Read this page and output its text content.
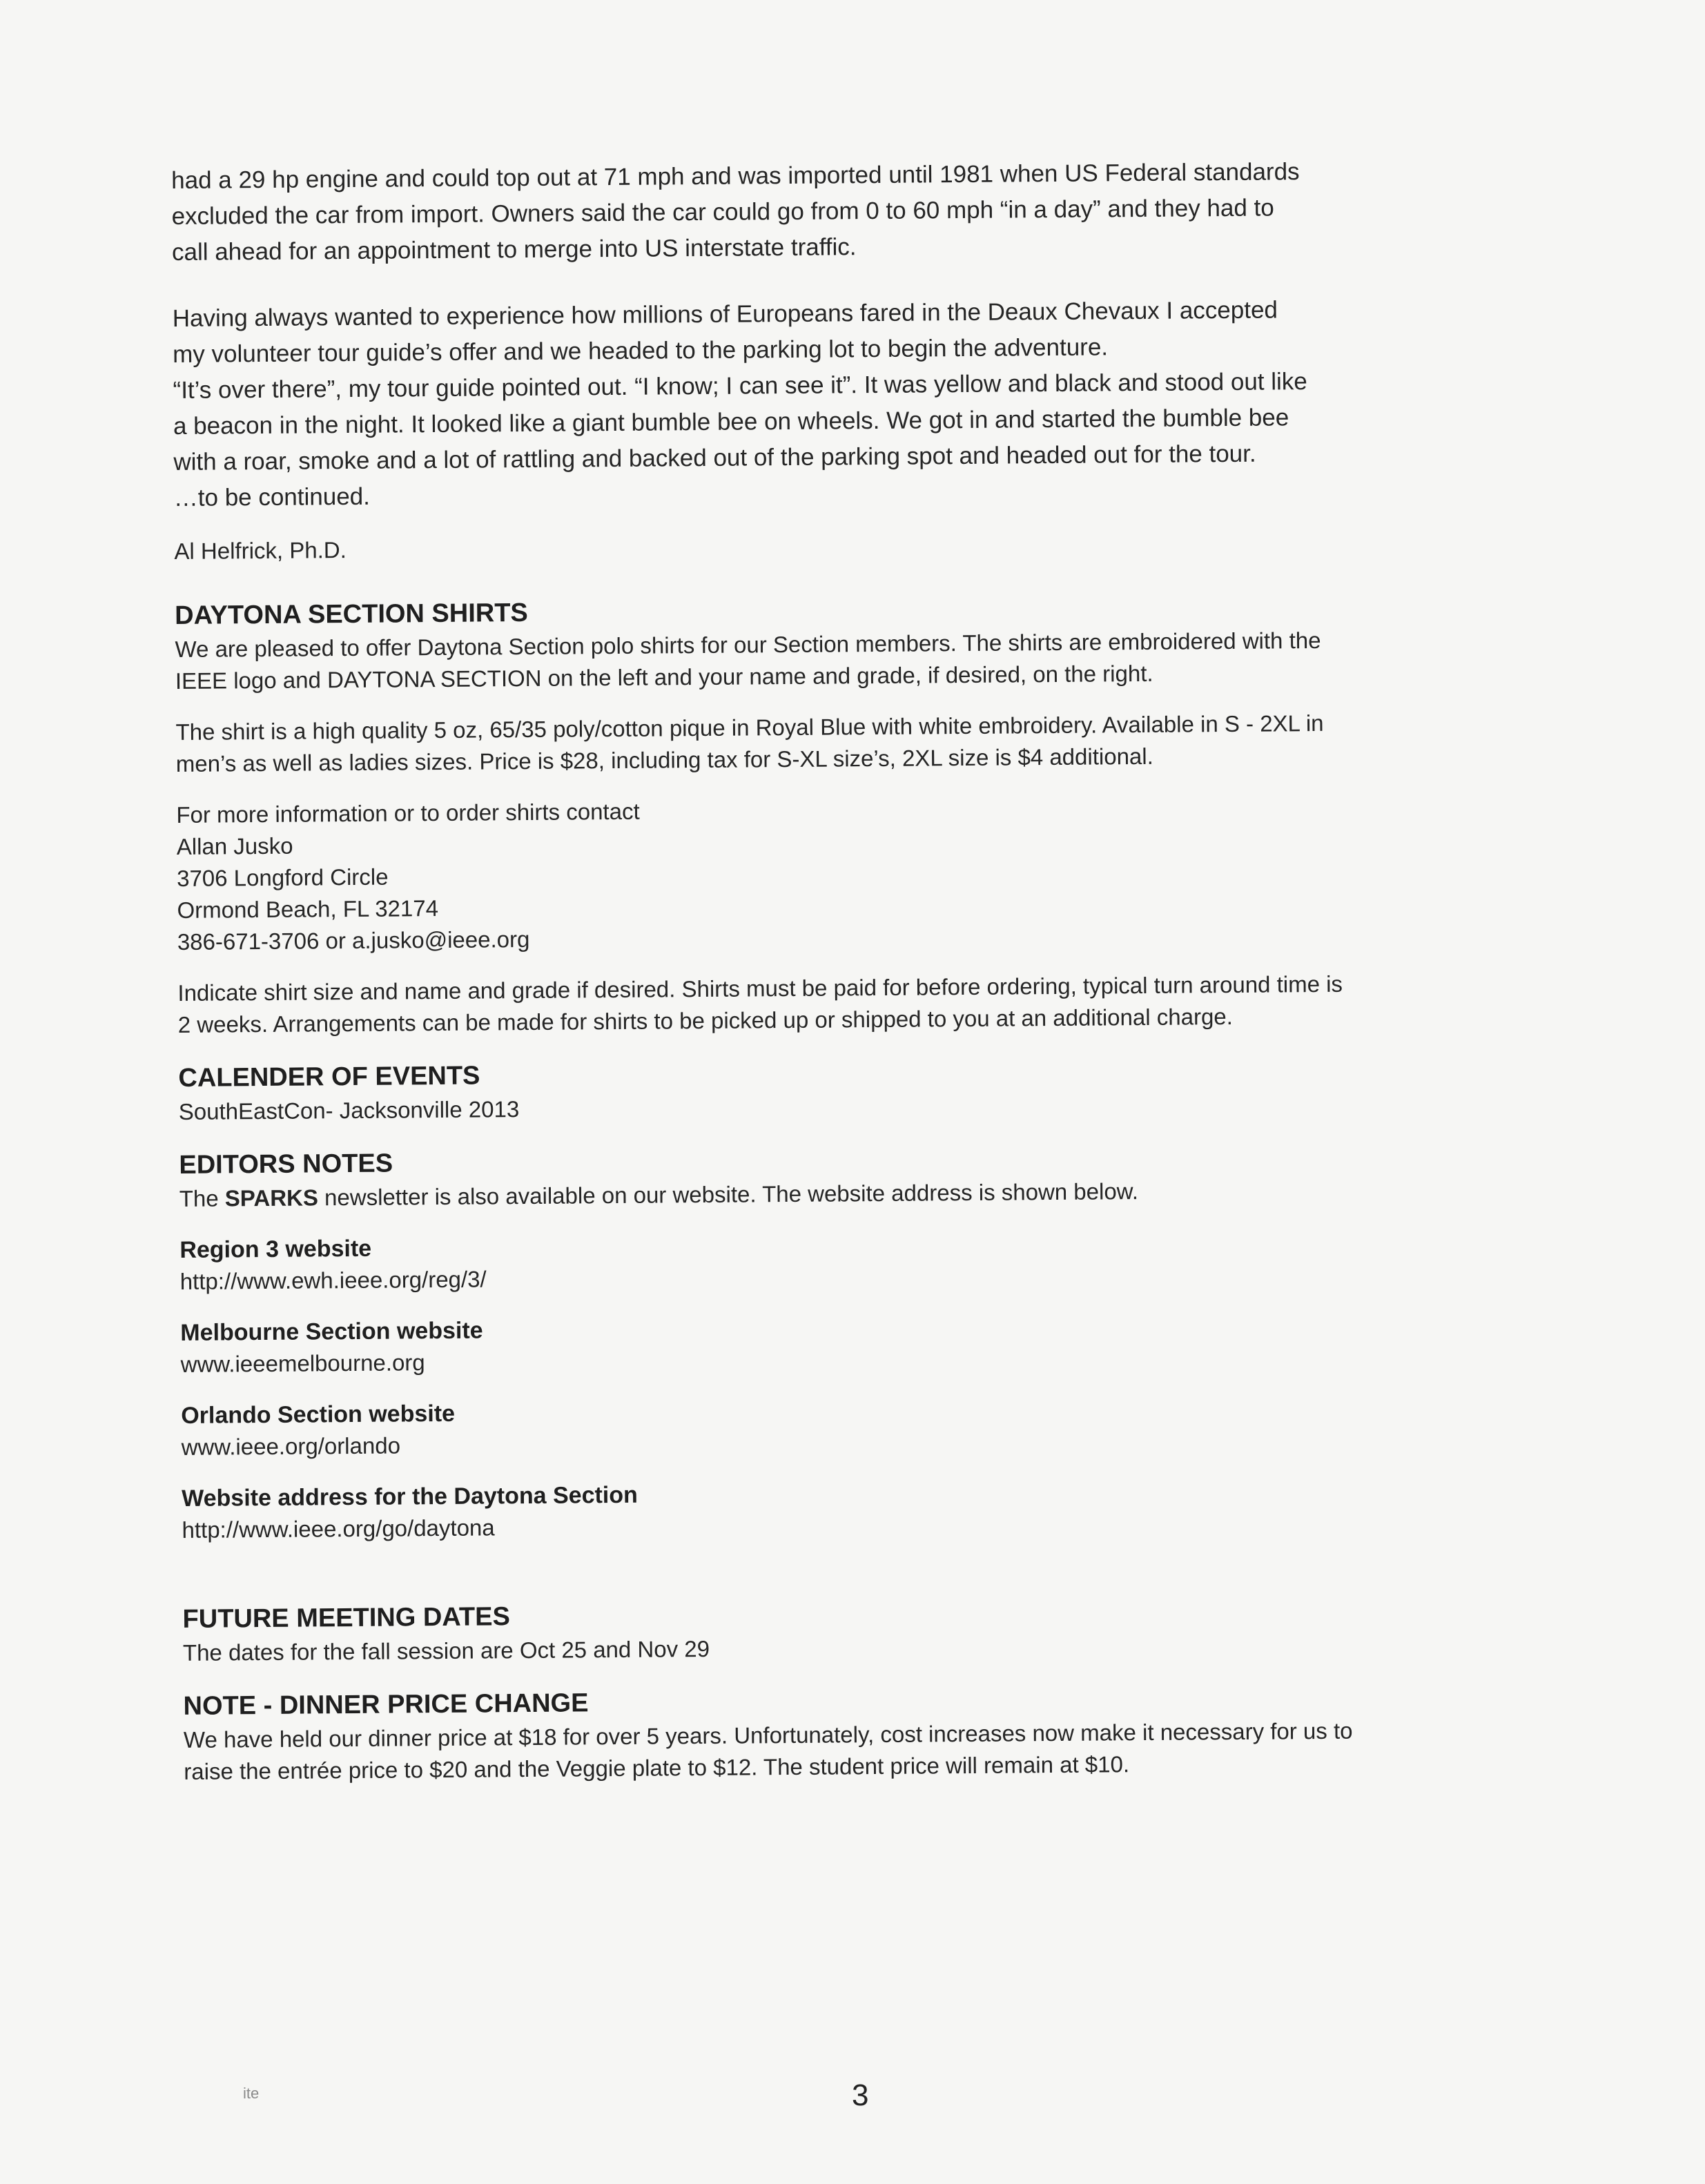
had a 29 hp engine and could top out at 71 mph and was imported until 1981 when US Federal standards
excluded the car from import. Owners said the car could go from 0 to 60 mph “in a day” and they had to
call ahead for an appointment to merge into US interstate traffic.

Having always wanted to experience how millions of Europeans fared in the Deaux Chevaux I accepted
my volunteer tour guide’s offer and we headed to the parking lot to begin the adventure.
“It’s over there”, my tour guide pointed out. “I know; I can see it”. It was yellow and black and stood out like
a beacon in the night. It looked like a giant bumble bee on wheels. We got in and started the bumble bee
with a roar, smoke and a lot of rattling and backed out of the parking spot and headed out for the tour.
…to be continued.

Al Helfrick, Ph.D.

DAYTONA SECTION SHIRTS

We are pleased to offer Daytona Section polo shirts for our Section members. The shirts are embroidered with the
IEEE logo and DAYTONA SECTION on the left and your name and grade, if desired, on the right.

The shirt is a high quality 5 oz, 65/35 poly/cotton pique in Royal Blue with white embroidery. Available in S - 2XL in
men’s as well as ladies sizes. Price is $28, including tax for S-XL size’s, 2XL size is $4 additional.

For more information or to order shirts contact
Allan Jusko
3706 Longford Circle
Ormond Beach, FL 32174
386-671-3706 or a.jusko@ieee.org

Indicate shirt size and name and grade if desired. Shirts must be paid for before ordering, typical turn around time is
2 weeks. Arrangements can be made for shirts to be picked up or shipped to you at an additional charge.

CALENDER OF EVENTS

SouthEastCon- Jacksonville 2013

EDITORS NOTES

The SPARKS newsletter is also available on our website. The website address is shown below.

Region 3 website

http://www.ewh.ieee.org/reg/3/

Melbourne Section website

www.ieeemelbourne.org

Orlando Section website

www.ieee.org/orlando

Website address for the Daytona Section

http://www.ieee.org/go/daytona

FUTURE MEETING DATES

The dates for the fall session are Oct 25 and Nov 29

NOTE - DINNER PRICE CHANGE

We have held our dinner price at $18 for over 5 years. Unfortunately, cost increases now make it necessary for us to
raise the entrée price to $20 and the Veggie plate to $12. The student price will remain at $10.

ite	3
